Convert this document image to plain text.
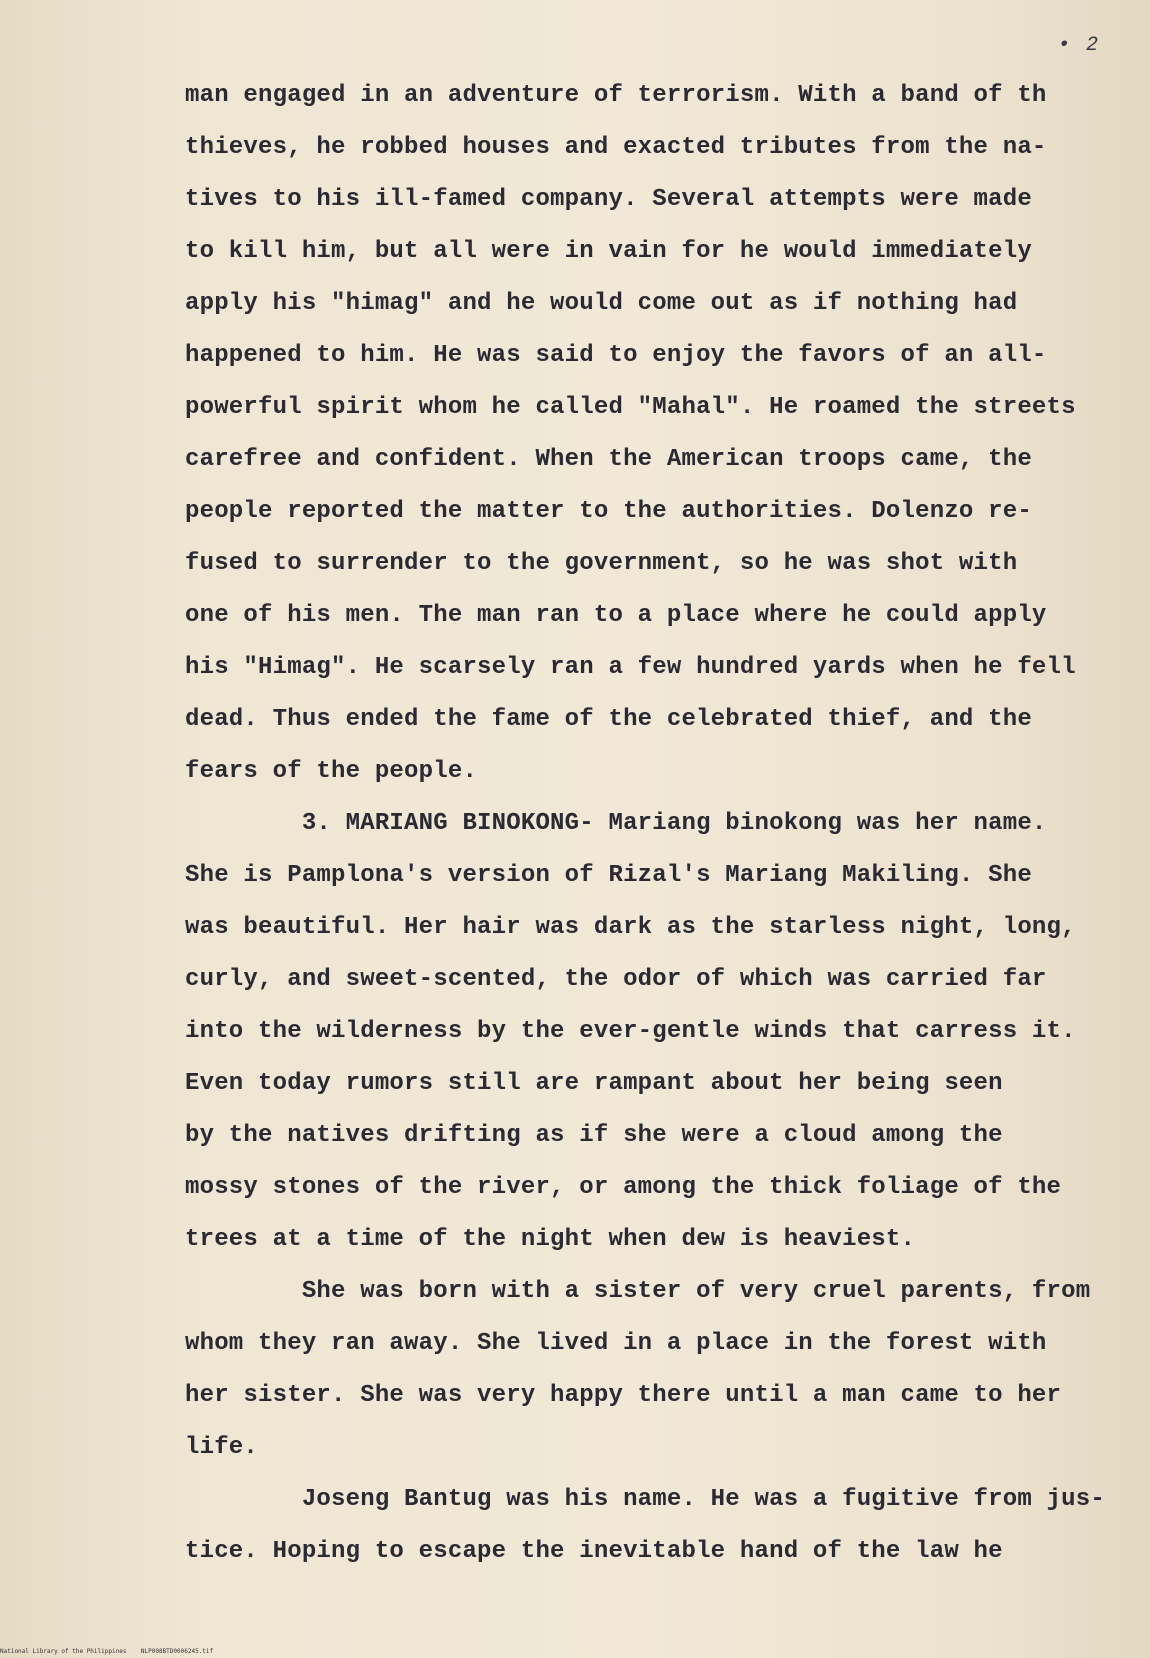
• 2
man engaged in an adventure of terrorism. With a band of th
thieves, he robbed houses and exacted tributes from the na-
tives to his ill-famed company. Several attempts were made
to kill him, but all were in vain for he would immediately
apply his "himag" and he would come out as if nothing had
happened to him. He was said to enjoy the favors of an all-
powerful spirit whom he called "Mahal". He roamed the streets
carefree and confident. When the American troops came, the
people reported the matter to the authorities. Dolenzo re-
fused to surrender to the government, so he was shot with
one of his men. The man ran to a place where he could apply
his "Himag". He scarsely ran a few hundred yards when he fell
dead. Thus ended the fame of the celebrated thief, and the
fears of the people.
3. MARIANG BINOKONG- Mariang binokong was her name.
She is Pamplona's version of Rizal's Mariang Makiling. She
was beautiful. Her hair was dark as the starless night, long,
curly, and sweet-scented, the odor of which was carried far
into the wilderness by the ever-gentle winds that carress it.
Even today rumors still are rampant about her being seen
by the natives drifting as if she were a cloud among the
mossy stones of the river, or among the thick foliage of the
trees at a time of the night when dew is heaviest.
She was born with a sister of very cruel parents, from
whom they ran away. She lived in a place in the forest with
her sister. She was very happy there until a man came to her
life.
Joseng Bantug was his name. He was a fugitive from jus-
tice. Hoping to escape the inevitable hand of the law he
National Library of the Philippines    NLP008BTD0006245.tif
